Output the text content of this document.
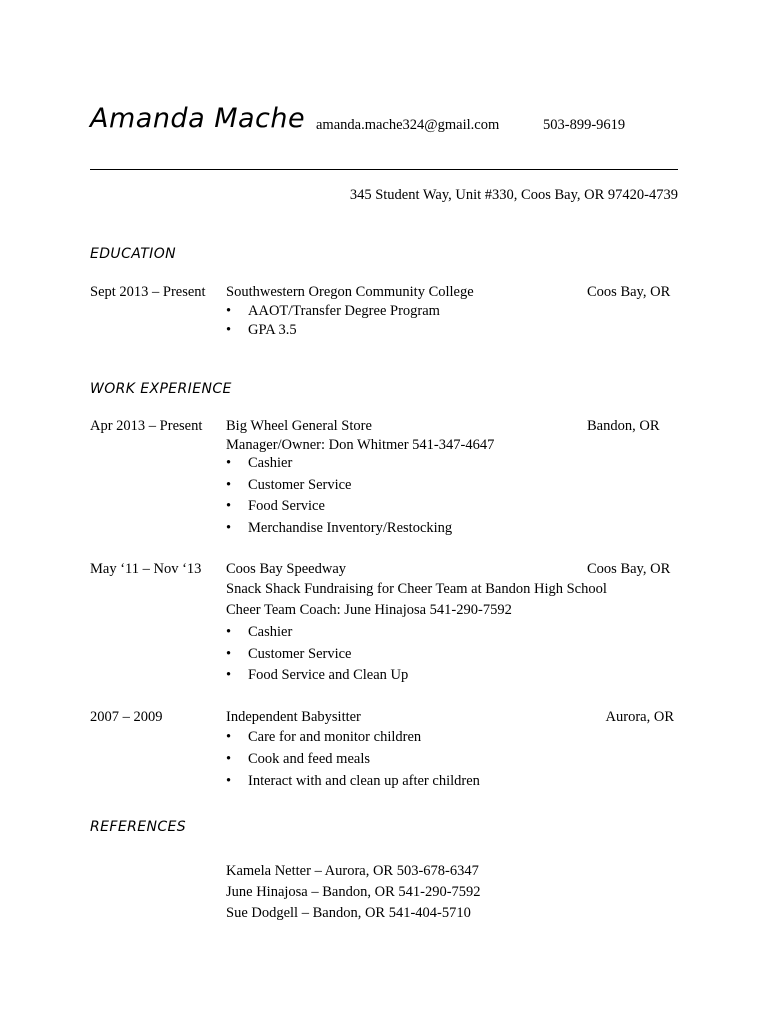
Amanda Mache amanda.mache324@gmail.com	503-899-9619
345 Student Way, Unit #330, Coos Bay, OR 97420-4739
EDUCATION
Sept 2013 – Present Southwestern Oregon Community College	Coos Bay, OR
• AAOT/Transfer Degree Program
• GPA 3.5
WORK EXPERIENCE
Apr 2013 – Present Big Wheel General Store	Bandon, OR
Manager/Owner: Don Whitmer 541-347-4647
• Cashier
• Customer Service
• Food Service
• Merchandise Inventory/Restocking
May ‘11 – Nov ‘13 Coos Bay Speedway	Coos Bay, OR
Snack Shack Fundraising for Cheer Team at Bandon High School
Cheer Team Coach: June Hinajosa 541-290-7592
• Cashier
• Customer Service
• Food Service and Clean Up
2007 – 2009	Independent Babysitter	Aurora, OR
• Care for and monitor children
• Cook and feed meals
• Interact with and clean up after children
REFERENCES
Kamela Netter – Aurora, OR 503-678-6347
June Hinajosa – Bandon, OR 541-290-7592
Sue Dodgell – Bandon, OR 541-404-5710
